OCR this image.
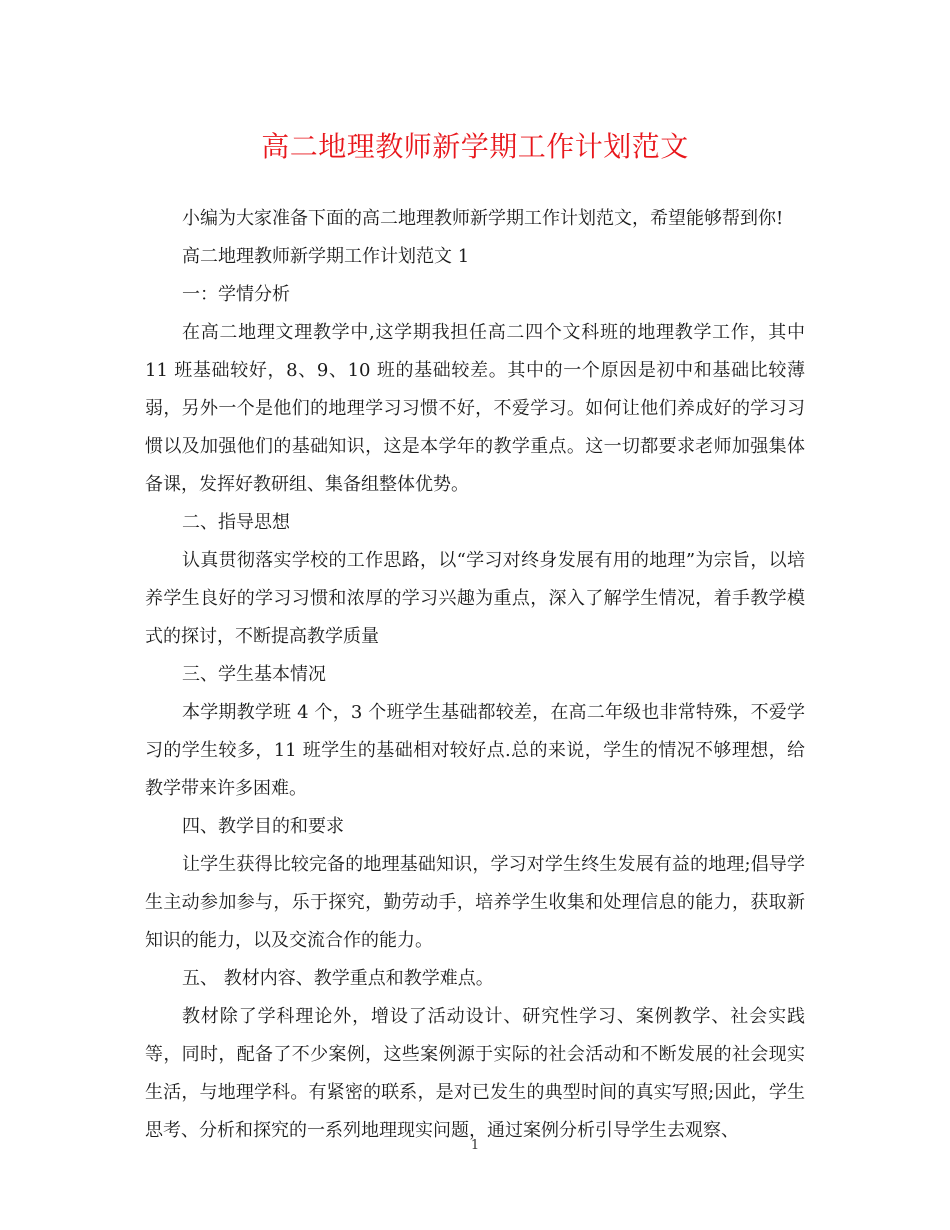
高二地理教师新学期工作计划范文

小编为大家准备下面的高二地理教师新学期工作计划范文，希望能够帮到你!

高二地理教师新学期工作计划范文 1

一：学情分析

在高二地理文理教学中,这学期我担任高二四个文科班的地理教学工作，其中 11 班基础较好，8、9、10 班的基础较差。其中的一个原因是初中和基础比较薄弱，另外一个是他们的地理学习习惯不好，不爱学习。如何让他们养成好的学习习惯以及加强他们的基础知识，这是本学年的教学重点。这一切都要求老师加强集体备课，发挥好教研组、集备组整体优势。

二、指导思想

认真贯彻落实学校的工作思路，以“学习对终身发展有用的地理”为宗旨，以培养学生良好的学习习惯和浓厚的学习兴趣为重点，深入了解学生情况，着手教学模式的探讨，不断提高教学质量

三、学生基本情况

本学期教学班 4 个，3 个班学生基础都较差，在高二年级也非常特殊，不爱学习的学生较多，11 班学生的基础相对较好点.总的来说，学生的情况不够理想，给教学带来许多困难。

四、教学目的和要求

让学生获得比较完备的地理基础知识，学习对学生终生发展有益的地理;倡导学生主动参加参与，乐于探究，勤劳动手，培养学生收集和处理信息的能力，获取新知识的能力，以及交流合作的能力。

五、 教材内容、教学重点和教学难点。

教材除了学科理论外，增设了活动设计、研究性学习、案例教学、社会实践等，同时，配备了不少案例，这些案例源于实际的社会活动和不断发展的社会现实生活，与地理学科。有紧密的联系，是对已发生的典型时间的真实写照;因此，学生思考、分析和探究的一系列地理现实问题，通过案例分析引导学生去观察、

1
